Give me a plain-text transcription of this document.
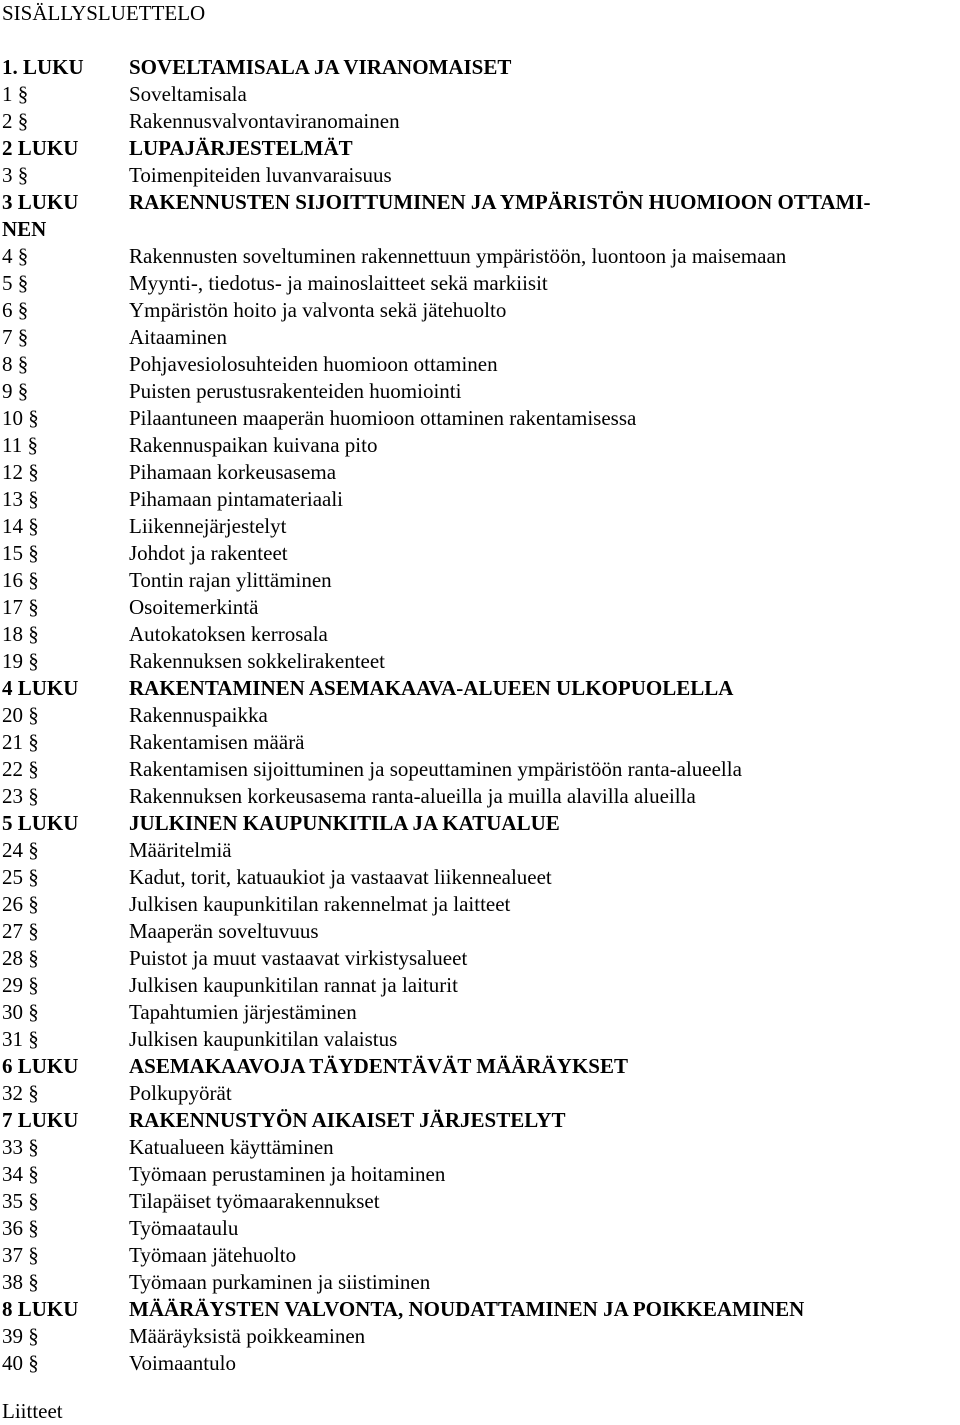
SISÄLLYSLUETTELO
1. LUKU SOVELTAMISALA JA VIRANOMAISET
1 §	Soveltamisala
2 §	Rakennusvalvontaviranomainen
2 LUKU LUPAJÄRJESTELMÄT
3 §	Toimenpiteiden luvanvaraisuus
3 LUKU RAKENNUSTEN SIJOITTUMINEN JA YMPÄRISTÖN HUOMIOON OTTAMI-
NEN
4 §	Rakennusten soveltuminen rakennettuun ympäristöön, luontoon ja maisemaan
5 §	Myynti-, tiedotus- ja mainoslaitteet sekä markiisit
6 §	Ympäristön hoito ja valvonta sekä jätehuolto
7 §	Aitaaminen
8 §	Pohjavesiolosuhteiden huomioon ottaminen
9 §	Puisten perustusrakenteiden huomiointi
10 §	Pilaantuneen maaperän huomioon ottaminen rakentamisessa
11 §	Rakennuspaikan kuivana pito
12 §	Pihamaan korkeusasema
13 §	Pihamaan pintamateriaali
14 §	Liikennejärjestelyt
15 §	Johdot ja rakenteet
16 §	Tontin rajan ylittäminen
17 §	Osoitemerkintä
18 §	Autokatoksen kerrosala
19 §	Rakennuksen sokkelirakenteet
4 LUKU RAKENTAMINEN ASEMAKAAVA-ALUEEN ULKOPUOLELLA
20 §	Rakennuspaikka
21 §	Rakentamisen määrä
22 §	Rakentamisen sijoittuminen ja sopeuttaminen ympäristöön ranta-alueella
23 §	Rakennuksen korkeusasema ranta-alueilla ja muilla alavilla alueilla
5 LUKU JULKINEN KAUPUNKITILA JA KATUALUE
24 §	Määritelmiä
25 §	Kadut, torit, katuaukiot ja vastaavat liikennealueet
26 §	Julkisen kaupunkitilan rakennelmat ja laitteet
27 §	Maaperän soveltuvuus
28 §	Puistot ja muut vastaavat virkistysalueet
29 §	Julkisen kaupunkitilan rannat ja laiturit
30 §	Tapahtumien järjestäminen
31 §	Julkisen kaupunkitilan valaistus
6 LUKU ASEMAKAAVOJA TÄYDENTÄVÄT MÄÄRÄYKSET
32 §	Polkupyörät
7 LUKU RAKENNUSTYÖN AIKAISET JÄRJESTELYT
33 §	Katualueen käyttäminen
34 §	Työmaan perustaminen ja hoitaminen
35 §	Tilapäiset työmaarakennukset
36 §	Työmaataulu
37 §	Työmaan jätehuolto
38 §	Työmaan purkaminen ja siistiminen
8 LUKU MÄÄRÄYSTEN VALVONTA, NOUDATTAMINEN JA POIKKEAMINEN
39 §	Määräyksistä poikkeaminen
40 §	Voimaantulo
Liitteet
